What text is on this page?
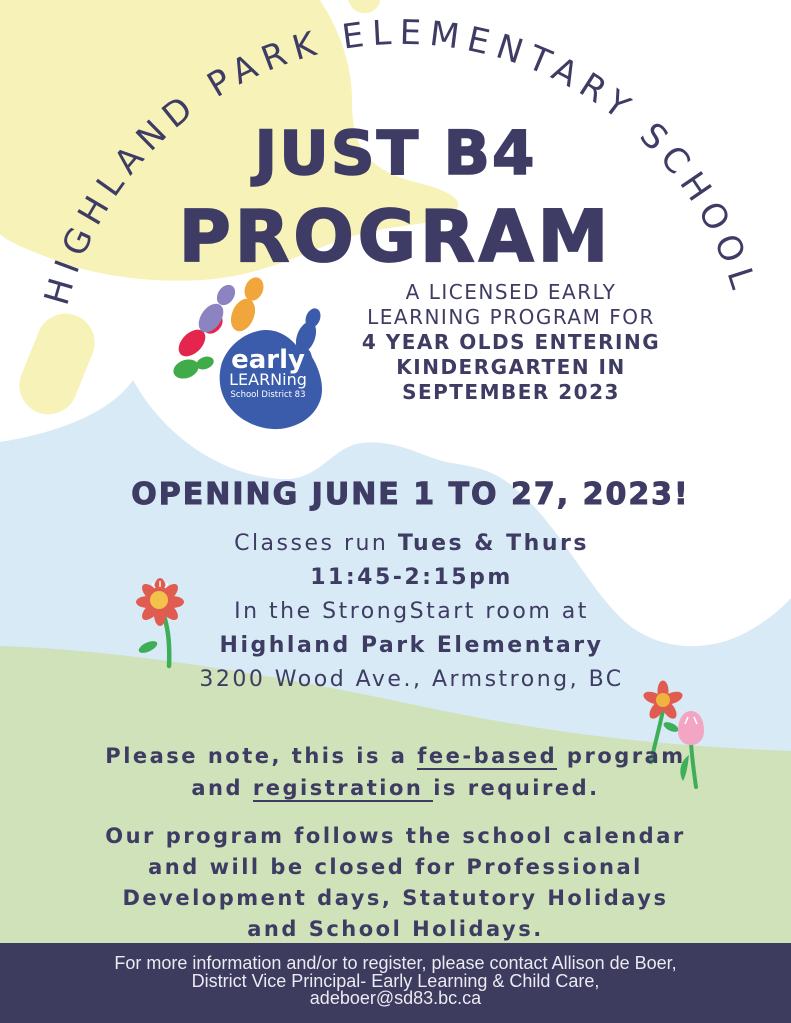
HIGHLAND PARK ELEMENTARY SCHOOL
early
LEARNing
School District 83
JUST B4
PROGRAM
A LICENSED EARLY
LEARNING PROGRAM FOR
4 YEAR OLDS ENTERING
KINDERGARTEN IN
SEPTEMBER 2023
OPENING JUNE 1 TO 27, 2023!
Classes run Tues & Thurs
11:45-2:15pm
In the StrongStart room at
Highland Park Elementary
3200 Wood Ave., Armstrong, BC
Please note, this is a fee-based program
and registration is required.
Our program follows the school calendar
and will be closed for Professional
Development days, Statutory Holidays
and School Holidays.
For more information and/or to register, please contact Allison de Boer,
District Vice Principal- Early Learning & Child Care,
adeboer@sd83.bc.ca
